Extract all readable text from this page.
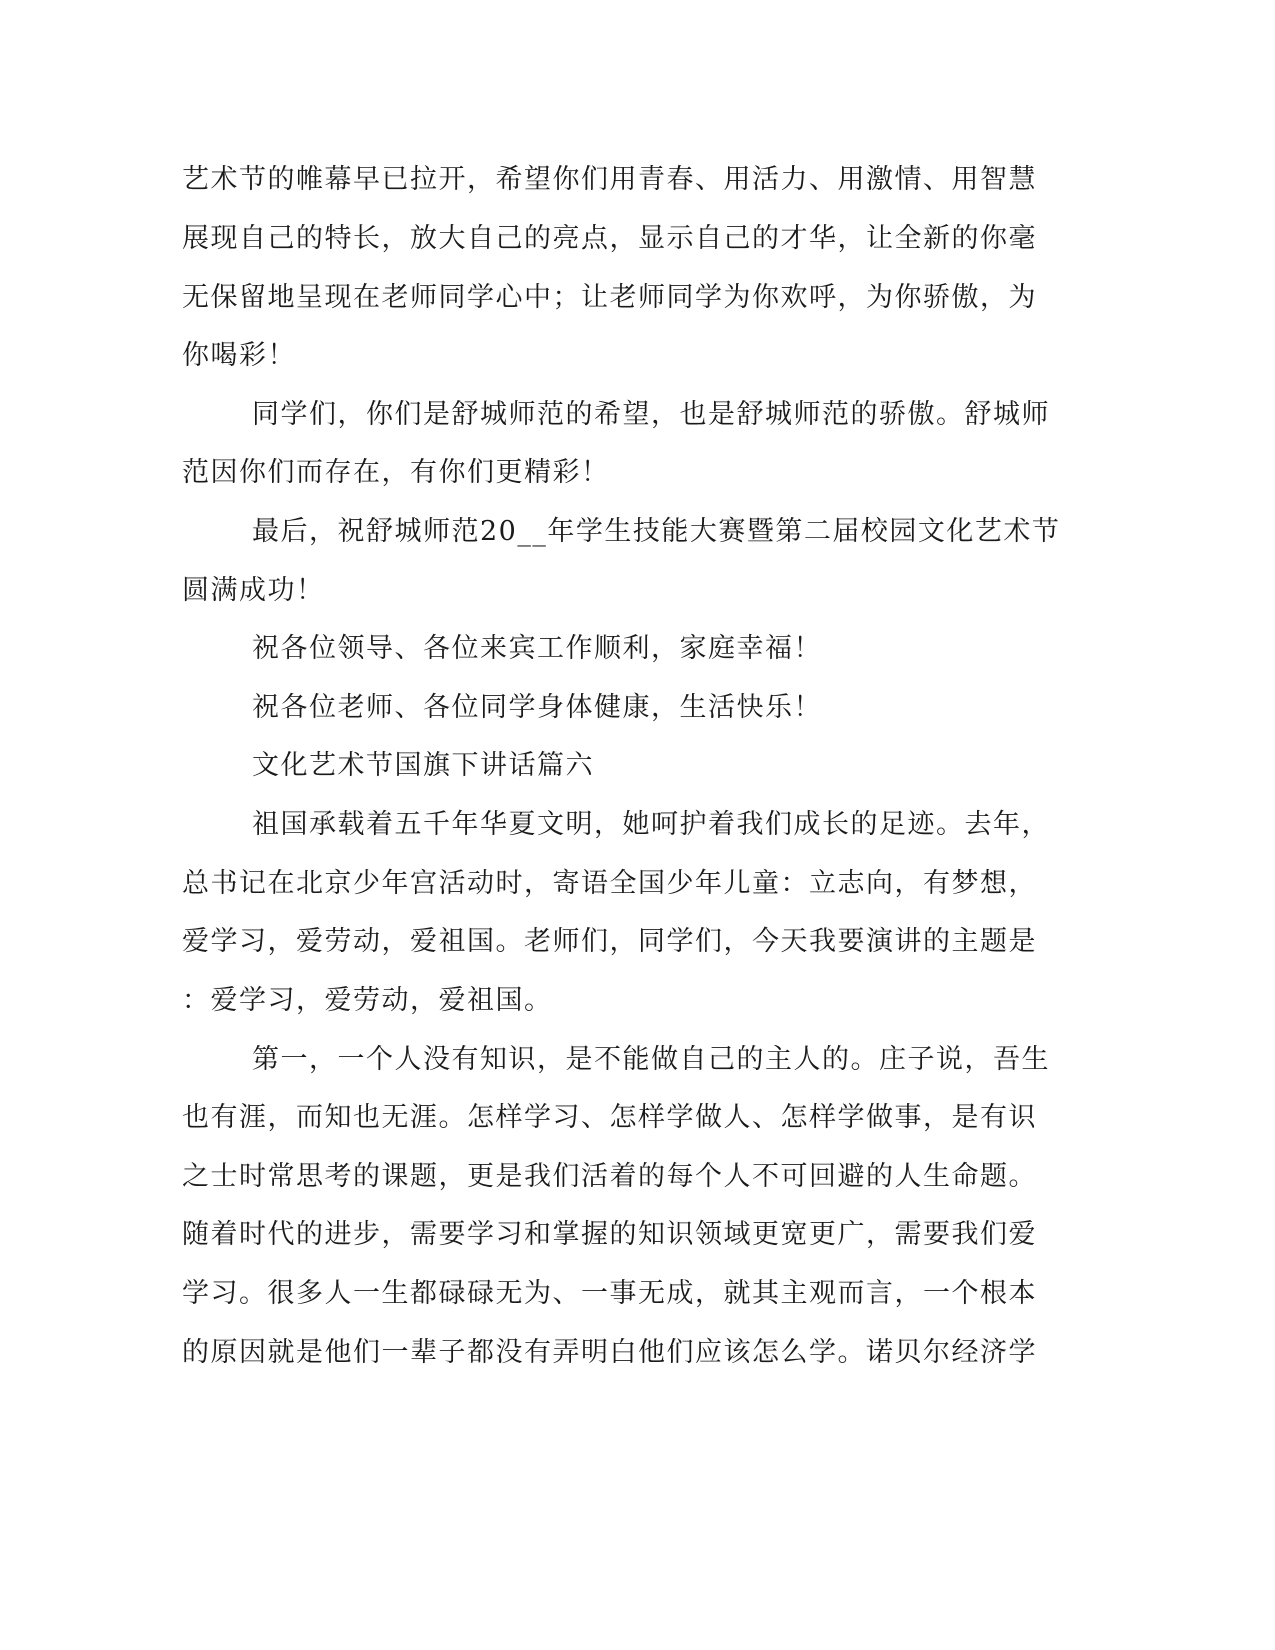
艺术节的帷幕早已拉开，希望你们用青春、用活力、用激情、用智慧
展现自己的特长，放大自己的亮点，显示自己的才华，让全新的你毫
无保留地呈现在老师同学心中；让老师同学为你欢呼，为你骄傲，为
你喝彩！
同学们，你们是舒城师范的希望，也是舒城师范的骄傲。舒城师
范因你们而存在，有你们更精彩！
最后，祝舒城师范20__年学生技能大赛暨第二届校园文化艺术节
圆满成功！
祝各位领导、各位来宾工作顺利，家庭幸福！
祝各位老师、各位同学身体健康，生活快乐！
文化艺术节国旗下讲话篇六
祖国承载着五千年华夏文明，她呵护着我们成长的足迹。去年，
总书记在北京少年宫活动时，寄语全国少年儿童：立志向，有梦想，
爱学习，爱劳动，爱祖国。老师们，同学们，今天我要演讲的主题是
：爱学习，爱劳动，爱祖国。
第一，一个人没有知识，是不能做自己的主人的。庄子说，吾生
也有涯，而知也无涯。怎样学习、怎样学做人、怎样学做事，是有识
之士时常思考的课题，更是我们活着的每个人不可回避的人生命题。
随着时代的进步，需要学习和掌握的知识领域更宽更广，需要我们爱
学习。很多人一生都碌碌无为、一事无成，就其主观而言，一个根本
的原因就是他们一辈子都没有弄明白他们应该怎么学。诺贝尔经济学
